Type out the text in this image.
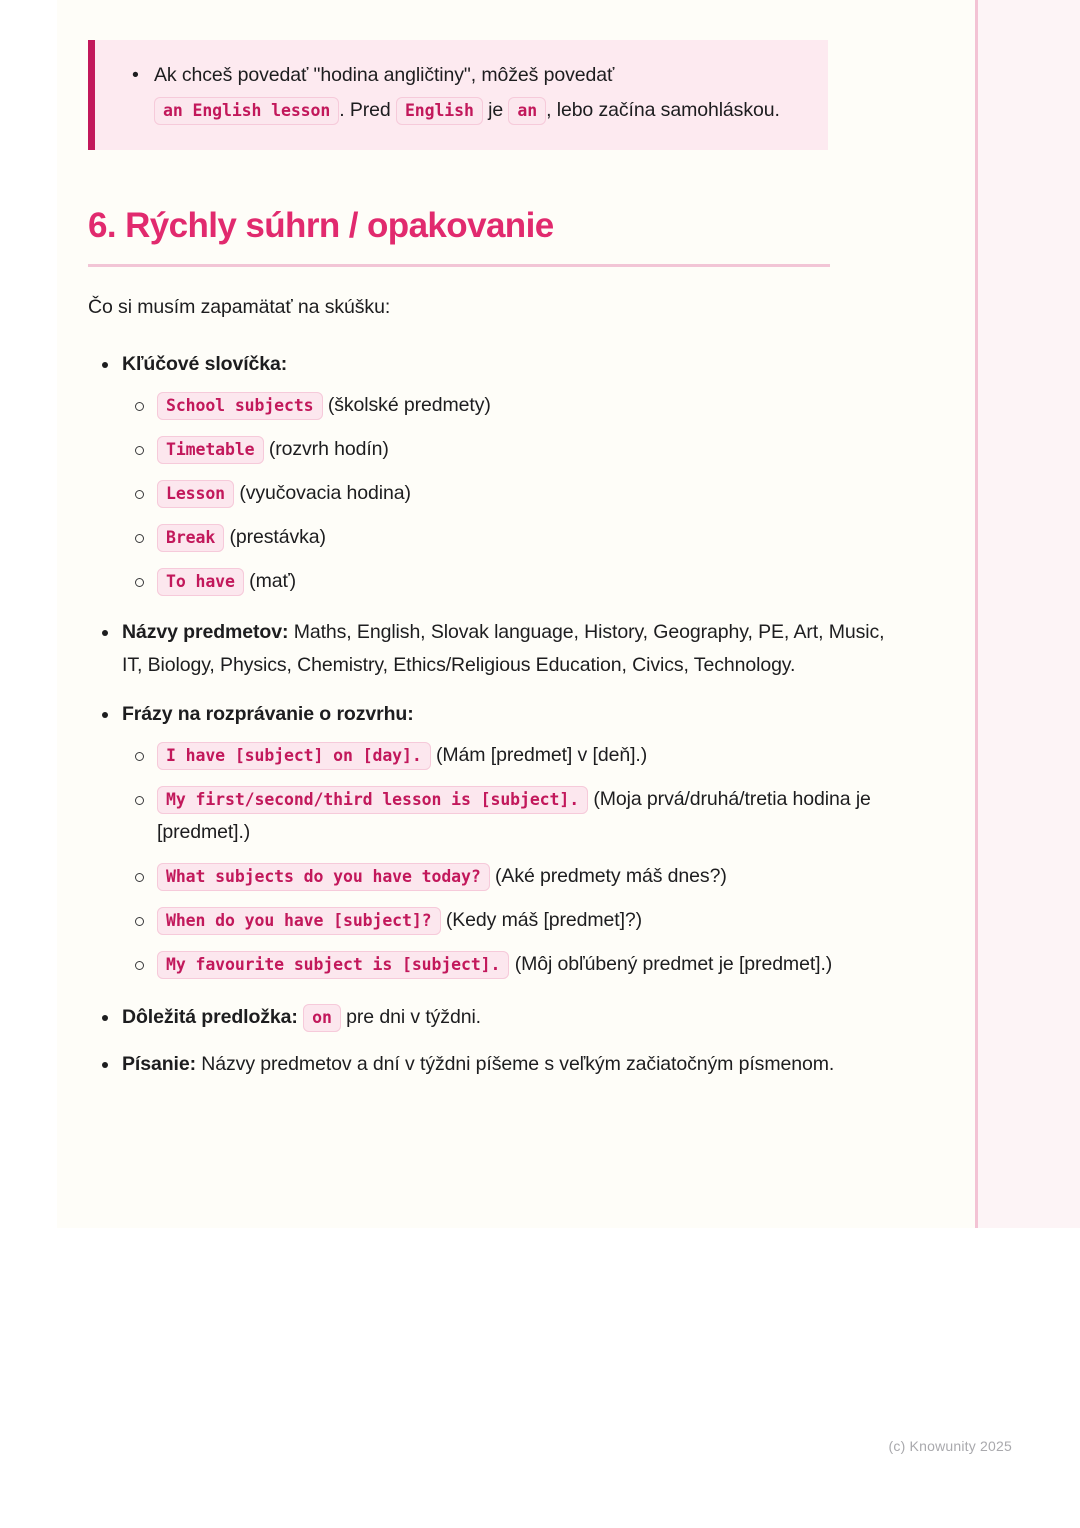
• Ak chceš povedať "hodina angličtiny", môžeš povedať an English lesson . Pred English je an , lebo začína samohláskou.
6. Rýchly súhrn / opakovanie

Čo si musím zapamätať na skúšku:

Kľúčové slovíčka:
School subjects (školské predmety)
Timetable (rozvrh hodín)
Lesson (vyučovacia hodina)
Break (prestávka)
To have (mať)
Názvy predmetov: Maths, English, Slovak language, History, Geography, PE, Art, Music, IT, Biology, Physics, Chemistry, Ethics/Religious Education, Civics, Technology.
Frázy na rozprávanie o rozvrhu:
I have [subject] on [day]. (Mám [predmet] v [deň].)
My first/second/third lesson is [subject]. (Moja prvá/druhá/tretia hodina je [predmet].)
What subjects do you have today? (Aké predmety máš dnes?)
When do you have [subject]? (Kedy máš [predmet]?)
My favourite subject is [subject]. (Môj obľúbený predmet je [predmet].)
Dôležitá predložka: on pre dni v týždni.
Písanie: Názvy predmetov a dní v týždni píšeme s veľkým začiatočným písmenom.
(c) Knowunity 2025
